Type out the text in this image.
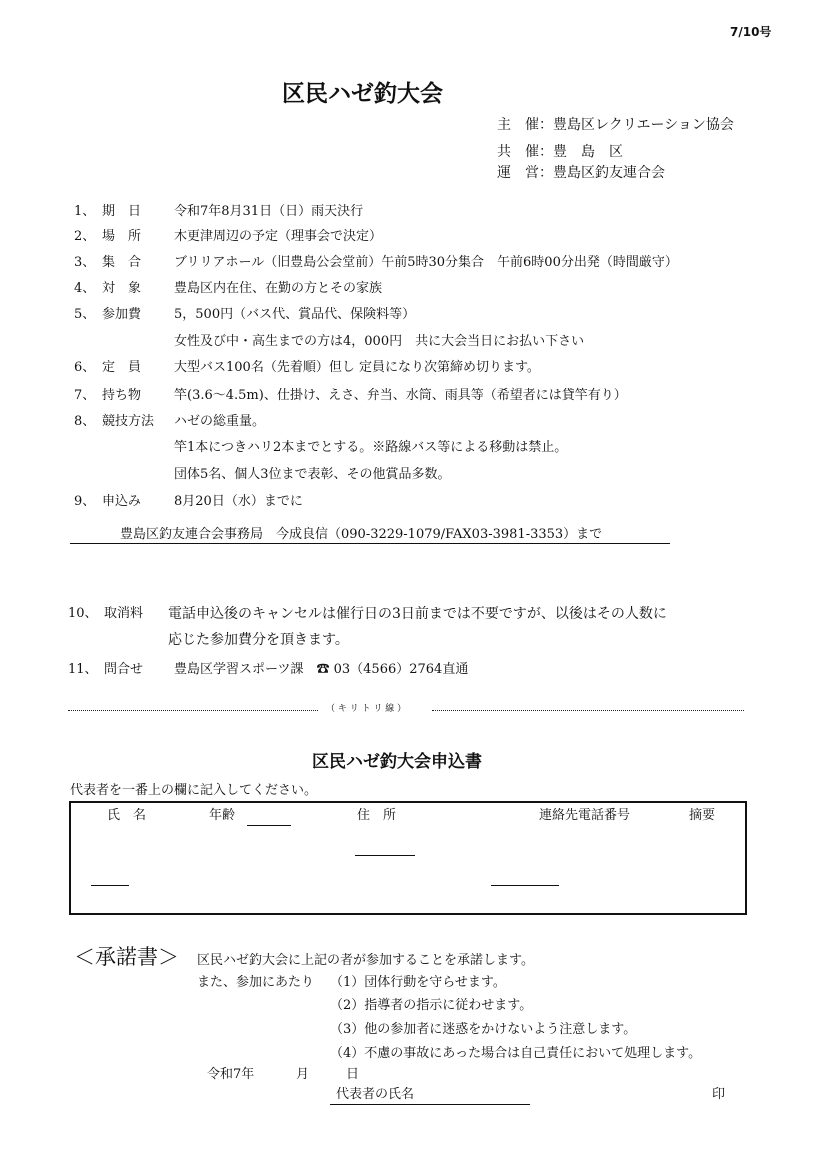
7/10号
区民ハゼ釣大会
主　催：豊島区レクリエーション協会
共　催：豊　島　区
運　営：豊島区釣友連合会
1、 期　日	令和7年8月31日（日）雨天決行
2、 場　所	木更津周辺の予定（理事会で決定）
3、 集　合	ブリリアホール（旧豊島公会堂前）午前5時30分集合　午前6時00分出発（時間厳守）
4、 対　象	豊島区内在住、在勤の方とその家族
5、 参加費	5，500円（バス代、賞品代、保険料等）
女性及び中・高生までの方は4，000円　共に大会当日にお払い下さい
6、 定　員	大型バス100名（先着順）但し 定員になり次第締め切ります。
7、 持ち物	竿(3.6～4.5m)、仕掛け、えさ、弁当、水筒、雨具等（希望者には貸竿有り）
8、 競技方法	ハゼの総重量。
竿1本につきハリ2本までとする。※路線バス等による移動は禁止。
団体5名、個人3位まで表彰、その他賞品多数。
9、 申込み	8月20日（水）までに
豊島区釣友連合会事務局　今成良信（090-3229-1079/FAX03-3981-3353）まで
10、 取消料 電話申込後のキャンセルは催行日の3日前までは不要ですが、以後はその人数に
応じた参加費分を頂きます。
11、 問合せ 豊島区学習スポーツ課　☎ 03（4566）2764直通
（ キ リ ト リ 線 ）
区民ハゼ釣大会申込書
代表者を一番上の欄に記入してください。
氏　名	年齢	住　所	連絡先電話番号	摘要
＜承諾書＞ 区民ハゼ釣大会に上記の者が参加することを承諾します。
また、参加にあたり （1）団体行動を守らせます。
（2）指導者の指示に従わせます。
（3）他の参加者に迷惑をかけないよう注意します。
（4）不慮の事故にあった場合は自己責任において処理します。
令和7年	月	日
代表者の氏名	印
